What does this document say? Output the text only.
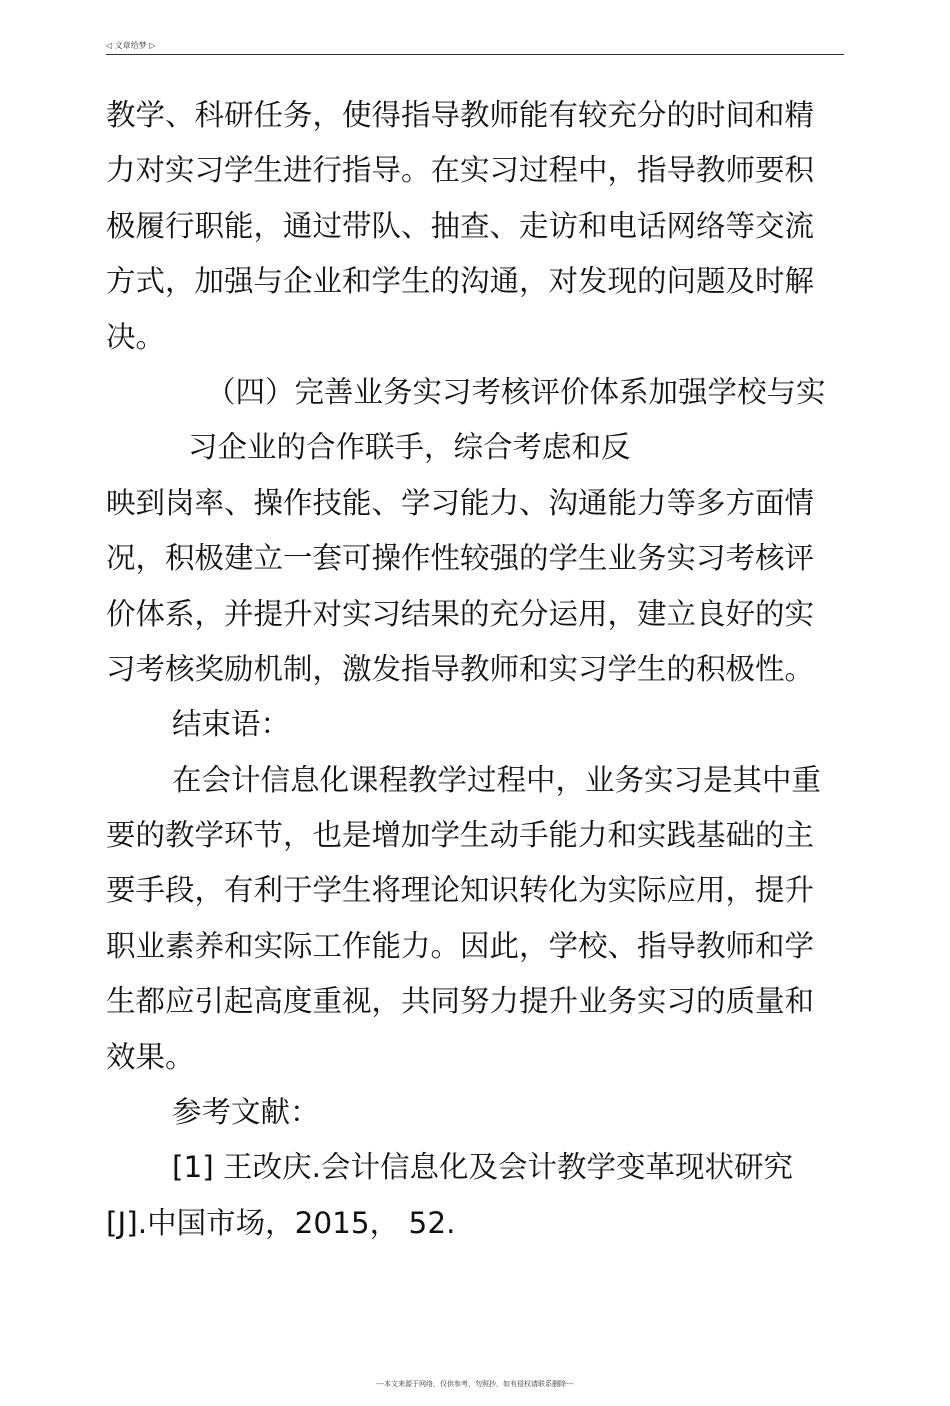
◁ 文章给梦 ▷
教学、科研任务，使得指导教师能有较充分的时间和精
力对实习学生进行指导。在实习过程中，指导教师要积
极履行职能，通过带队、抽查、走访和电话网络等交流
方式，加强与企业和学生的沟通，对发现的问题及时解
决。
（四）完善业务实习考核评价体系加强学校与实
习企业的合作联手，综合考虑和反
映到岗率、操作技能、学习能力、沟通能力等多方面情
况，积极建立一套可操作性较强的学生业务实习考核评
价体系，并提升对实习结果的充分运用，建立良好的实
习考核奖励机制，激发指导教师和实习学生的积极性。
结束语：
在会计信息化课程教学过程中，业务实习是其中重
要的教学环节，也是增加学生动手能力和实践基础的主
要手段，有利于学生将理论知识转化为实际应用，提升
职业素养和实际工作能力。因此，学校、指导教师和学
生都应引起高度重视，共同努力提升业务实习的质量和
效果。
参考文献：
[1] 王改庆.会计信息化及会计教学变革现状研究
[J].中国市场，2015， 52.
---本文来源于网络，仅供参考，勿照抄，如有侵权请联系删除---
